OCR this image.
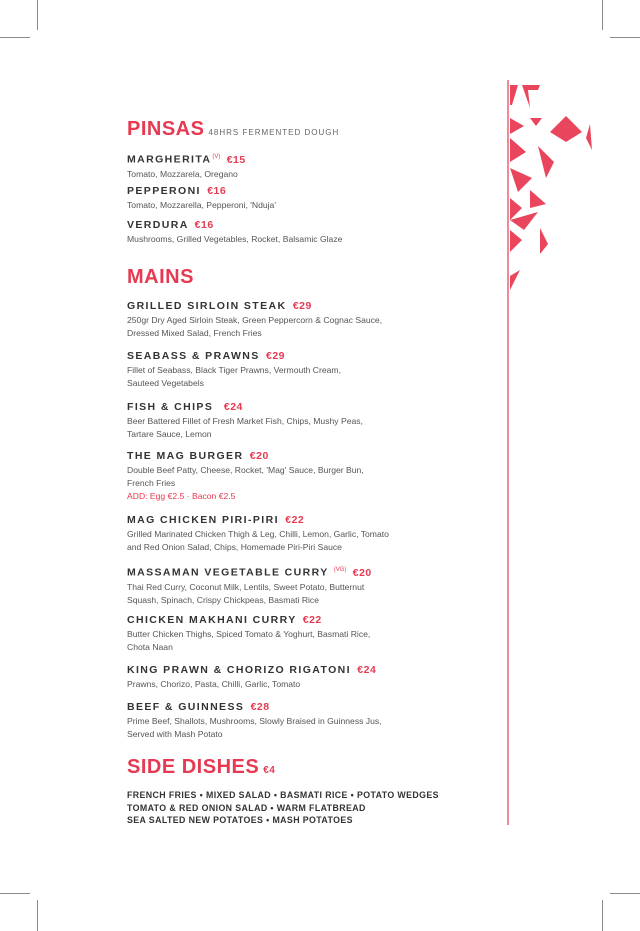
PINSAS 48HRS FERMENTED DOUGH
$MARGHERITA^{(V)}$ €15
Tomato, Mozzarela, Oregano
PEPPERONI €16
Tomato, Mozzarella, Pepperoni, 'Nduja'
VERDURA €16
Mushrooms, Grilled Vegetables, Rocket, Balsamic Glaze
MAINS
GRILLED SIRLOIN STEAK €29
250gr Dry Aged Sirloin Steak, Green Peppercorn & Cognac Sauce,
Dressed Mixed Salad, French Fries
SEABASS & PRAWNS €29
Fillet of Seabass, Black Tiger Prawns, Vermouth Cream,
Sauteed Vegetabels
FISH & CHIPS €24
Beer Battered Fillet of Fresh Market Fish, Chips, Mushy Peas,
Tartare Sauce, Lemon
THE MAG BURGER €20
Double Beef Patty, Cheese, Rocket, 'Mag' Sauce, Burger Bun,
French Fries
ADD: Egg €2.5 · Bacon €2.5
MAG CHICKEN PIRI-PIRI €22
Grilled Marinated Chicken Thigh & Leg, Chilli, Lemon, Garlic, Tomato
and Red Onion Salad, Chips, Homemade Piri-Piri Sauce
MASSAMAN VEGETABLE CURRY $^{(VG)}$ €20
Thai Red Curry, Coconut Milk, Lentils, Sweet Potato, Butternut
Squash, Spinach, Crispy Chickpeas, Basmati Rice
CHICKEN MAKHANI CURRY €22
Butter Chicken Thighs, Spiced Tomato & Yoghurt, Basmati Rice,
Chota Naan
KING PRAWN & CHORIZO RIGATONI €24
Prawns, Chorizo, Pasta, Chilli, Garlic, Tomato
BEEF & GUINNESS €28
Prime Beef, Shallots, Mushrooms, Slowly Braised in Guinness Jus,
Served with Mash Potato
SIDE DISHES €4
FRENCH FRIES • MIXED SALAD • BASMATI RICE • POTATO WEDGES
TOMATO & RED ONION SALAD • WARM FLATBREAD
SEA SALTED NEW POTATOES • MASH POTATOES
